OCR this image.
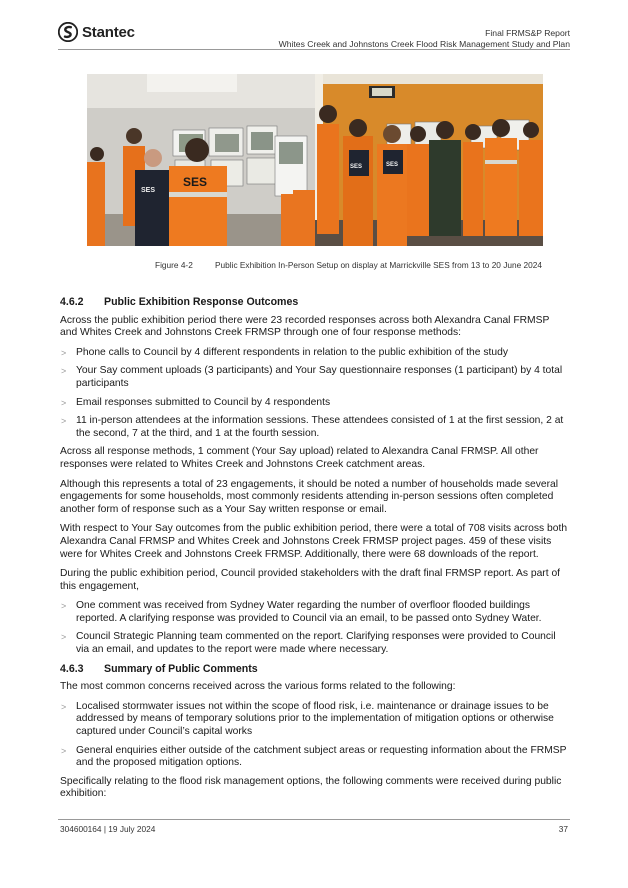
Stantec	Final FRMS&P Report
Whites Creek and Johnstons Creek Flood Risk Management Study and Plan
SES
SES
SES	SES
Figure 4-2	Public Exhibition In-Person Setup on display at Marrickville SES from 13 to 20 June 2024
4.6.2 Public Exhibition Response Outcomes

Across the public exhibition period there were 23 recorded responses across both Alexandra Canal FRMSP and Whites Creek and Johnstons Creek FRMSP through one of four response methods:

> Phone calls to Council by 4 different respondents in relation to the public exhibition of the study
> Your Say comment uploads (3 participants) and Your Say questionnaire responses (1 participant) by 4 total participants
> Email responses submitted to Council by 4 respondents
> 11 in-person attendees at the information sessions. These attendees consisted of 1 at the first session, 2 at the second, 7 at the third, and 1 at the fourth session.

Across all response methods, 1 comment (Your Say upload) related to Alexandra Canal FRMSP. All other responses were related to Whites Creek and Johnstons Creek catchment areas.

Although this represents a total of 23 engagements, it should be noted a number of households made several engagements for some households, most commonly residents attending in-person sessions often completed another form of response such as a Your Say written response or email.

With respect to Your Say outcomes from the public exhibition period, there were a total of 708 visits across both Alexandra Canal FRMSP and Whites Creek and Johnstons Creek FRMSP project pages. 459 of these visits were for Whites Creek and Johnstons Creek FRMSP. Additionally, there were 68 downloads of the report.

During the public exhibition period, Council provided stakeholders with the draft final FRMSP report. As part of this engagement,

> One comment was received from Sydney Water regarding the number of overfloor flooded buildings reported. A clarifying response was provided to Council via an email, to be passed onto Sydney Water.
> Council Strategic Planning team commented on the report. Clarifying responses were provided to Council via an email, and updates to the report were made where necessary.
4.6.3 Summary of Public Comments

The most common concerns received across the various forms related to the following:

> Localised stormwater issues not within the scope of flood risk, i.e. maintenance or drainage issues to be addressed by means of temporary solutions prior to the implementation of mitigation options or otherwise captured under Council’s capital works
> General enquiries either outside of the catchment subject areas or requesting information about the FRMSP and the proposed mitigation options.

Specifically relating to the flood risk management options, the following comments were received during public exhibition:

304600164 | 19 July 2024	37
